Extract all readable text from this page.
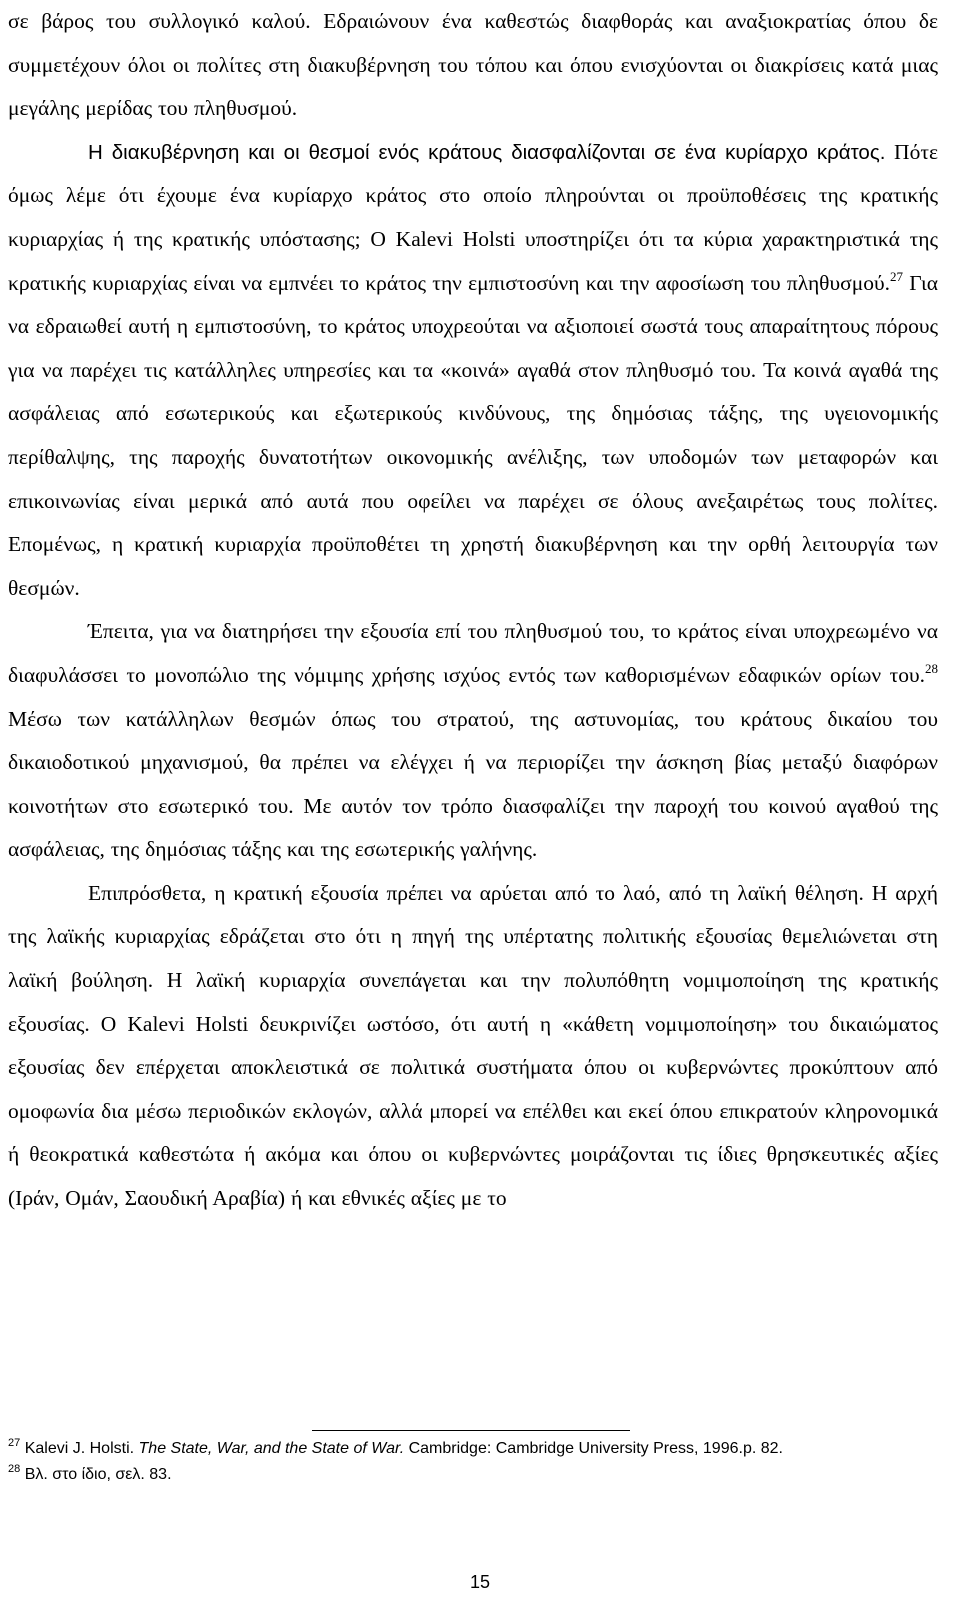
σε βάρος του συλλογικό καλού. Εδραιώνουν ένα καθεστώς διαφθοράς και αναξιοκρατίας όπου δε συμμετέχουν όλοι οι πολίτες στη διακυβέρνηση του τόπου και όπου ενισχύονται οι διακρίσεις κατά μιας μεγάλης μερίδας του πληθυσμού.

Η διακυβέρνηση και οι θεσμοί ενός κράτους διασφαλίζονται σε ένα κυρίαρχο κράτος. Πότε όμως λέμε ότι έχουμε ένα κυρίαρχο κράτος στο οποίο πληρούνται οι προϋποθέσεις της κρατικής κυριαρχίας ή της κρατικής υπόστασης; Ο Kalevi Holsti υποστηρίζει ότι τα κύρια χαρακτηριστικά της κρατικής κυριαρχίας είναι να εμπνέει το κράτος την εμπιστοσύνη και την αφοσίωση του πληθυσμού.$^{27}$ Για να εδραιωθεί αυτή η εμπιστοσύνη, το κράτος υποχρεούται να αξιοποιεί σωστά τους απαραίτητους πόρους για να παρέχει τις κατάλληλες υπηρεσίες και τα «κοινά» αγαθά στον πληθυσμό του. Τα κοινά αγαθά της ασφάλειας από εσωτερικούς και εξωτερικούς κινδύνους, της δημόσιας τάξης, της υγειονομικής περίθαλψης, της παροχής δυνατοτήτων οικονομικής ανέλιξης, των υποδομών των μεταφορών και επικοινωνίας είναι μερικά από αυτά που οφείλει να παρέχει σε όλους ανεξαιρέτως τους πολίτες. Επομένως, η κρατική κυριαρχία προϋποθέτει τη χρηστή διακυβέρνηση και την ορθή λειτουργία των θεσμών.

Έπειτα, για να διατηρήσει την εξουσία επί του πληθυσμού του, το κράτος είναι υποχρεωμένο να διαφυλάσσει το μονοπώλιο της νόμιμης χρήσης ισχύος εντός των καθορισμένων εδαφικών ορίων του.$^{28}$ Μέσω των κατάλληλων θεσμών όπως του στρατού, της αστυνομίας, του κράτους δικαίου του δικαιοδοτικού μηχανισμού, θα πρέπει να ελέγχει ή να περιορίζει την άσκηση βίας μεταξύ διαφόρων κοινοτήτων στο εσωτερικό του. Με αυτόν τον τρόπο διασφαλίζει την παροχή του κοινού αγαθού της ασφάλειας, της δημόσιας τάξης και της εσωτερικής γαλήνης.

Επιπρόσθετα, η κρατική εξουσία πρέπει να αρύεται από το λαό, από τη λαϊκή θέληση. Η αρχή της λαϊκής κυριαρχίας εδράζεται στο ότι η πηγή της υπέρτατης πολιτικής εξουσίας θεμελιώνεται στη λαϊκή βούληση. Η λαϊκή κυριαρχία συνεπάγεται και την πολυπόθητη νομιμοποίηση της κρατικής εξουσίας. Ο Kalevi Holsti δευκρινίζει ωστόσο, ότι αυτή η «κάθετη νομιμοποίηση» του δικαιώματος εξουσίας δεν επέρχεται αποκλειστικά σε πολιτικά συστήματα όπου οι κυβερνώντες προκύπτουν από ομοφωνία δια μέσω περιοδικών εκλογών, αλλά μπορεί να επέλθει και εκεί όπου επικρατούν κληρονομικά ή θεοκρατικά καθεστώτα ή ακόμα και όπου οι κυβερνώντες μοιράζονται τις ίδιες θρησκευτικές αξίες (Ιράν, Ομάν, Σαουδική Αραβία) ή και εθνικές αξίες με το

$^{27}$ Kalevi J. Holsti. The State, War, and the State of War. Cambridge: Cambridge University Press, 1996.p. 82.

$^{28}$ Βλ. στο ίδιο, σελ. 83.

15
